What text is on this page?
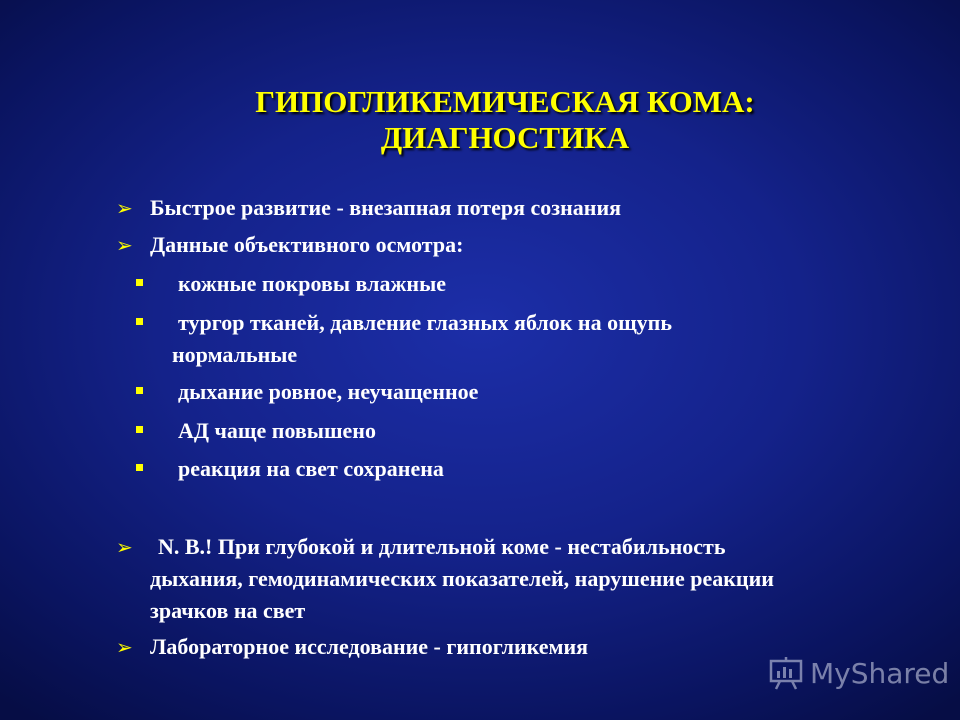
ГИПОГЛИКЕМИЧЕСКАЯ КОМА:
ДИАГНОСТИКА
➢ Быстрое развитие - внезапная потеря сознания
➢ Данные объективного осмотра:
кожные покровы влажные
тургор тканей, давление глазных яблок на ощупь
нормальные
дыхание ровное, неучащенное
АД чаще повышено
реакция на свет сохранена
➢ N. B.! При глубокой и длительной коме - нестабильность
дыхания, гемодинамических показателей, нарушение реакции
зрачков на свет
➢ Лабораторное исследование - гипогликемия
MyShared
